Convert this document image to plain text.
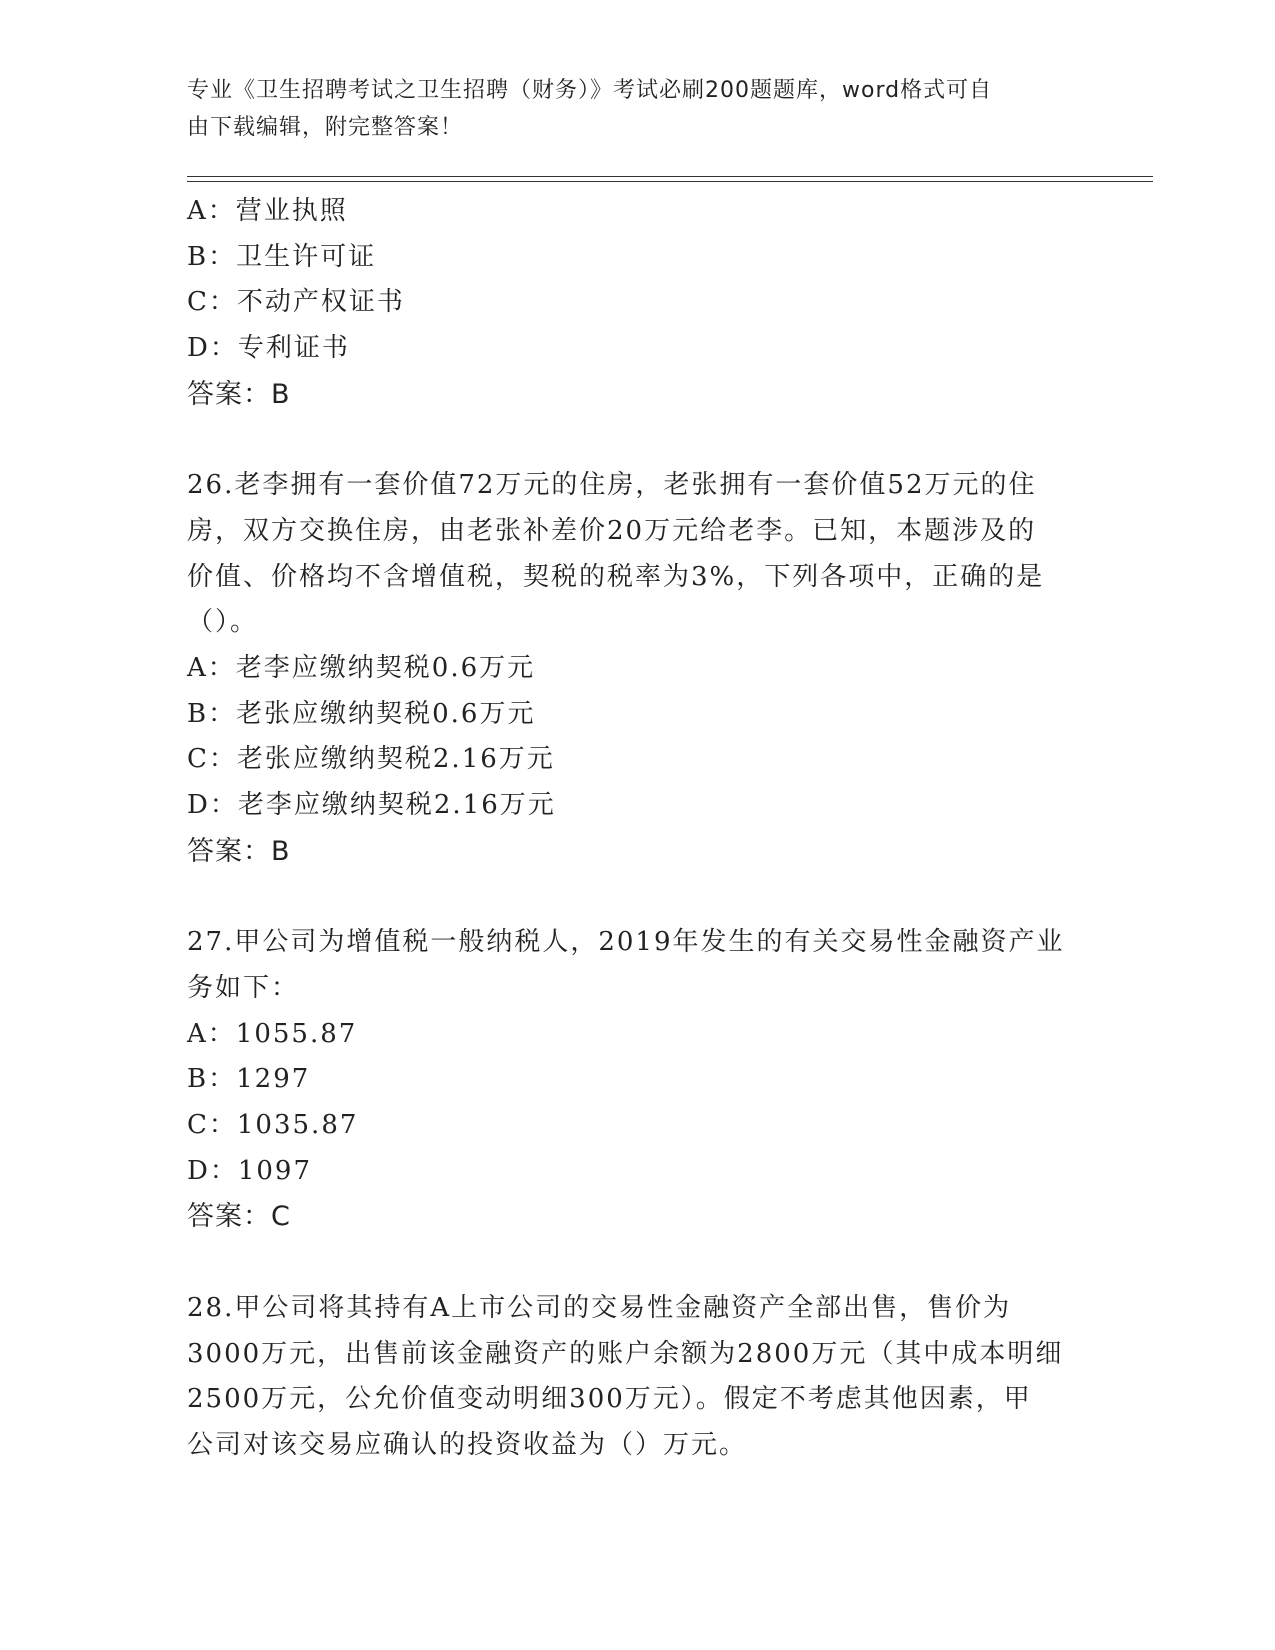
专业《卫生招聘考试之卫生招聘（财务）》考试必刷200题题库，word格式可自
由下载编辑，附完整答案！
A：营业执照
B：卫生许可证
C：不动产权证书
D：专利证书
答案：B
26.老李拥有一套价值72万元的住房，老张拥有一套价值52万元的住
房，双方交换住房，由老张补差价20万元给老李。已知，本题涉及的
价值、价格均不含增值税，契税的税率为3%，下列各项中，正确的是
（）。
A：老李应缴纳契税0.6万元
B：老张应缴纳契税0.6万元
C：老张应缴纳契税2.16万元
D：老李应缴纳契税2.16万元
答案：B
27.甲公司为增值税一般纳税人，2019年发生的有关交易性金融资产业
务如下：
A：1055.87
B：1297
C：1035.87
D：1097
答案：C
28.甲公司将其持有A上市公司的交易性金融资产全部出售，售价为
3000万元，出售前该金融资产的账户余额为2800万元（其中成本明细
2500万元，公允价值变动明细300万元）。假定不考虑其他因素，甲
公司对该交易应确认的投资收益为（）万元。
